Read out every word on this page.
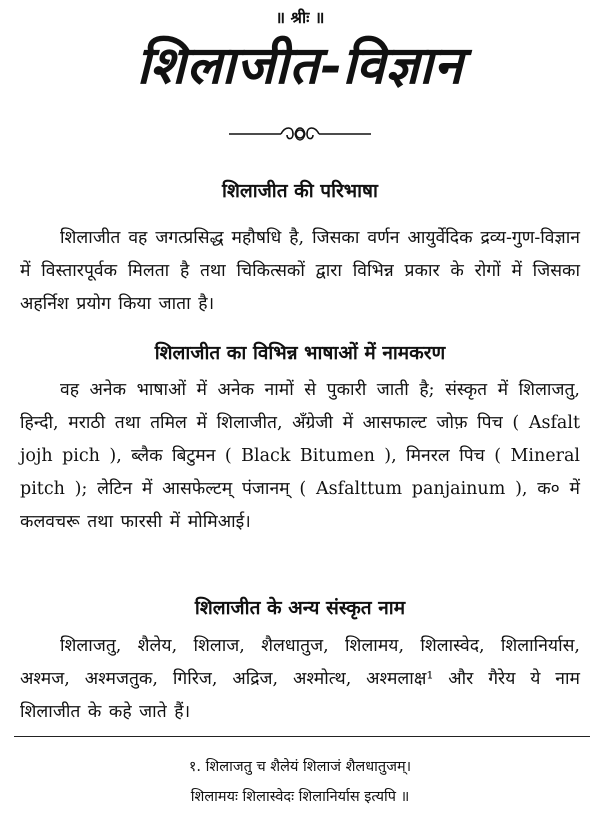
॥ श्रीः ॥
शिलाजीत-विज्ञान
शिलाजीत की परिभाषा
शिलाजीत वह जगत्प्रसिद्ध महौषधि है, जिसका वर्णन आयुर्वेदिक द्रव्य-गुण-विज्ञान में विस्तारपूर्वक मिलता है तथा चिकित्सकों द्वारा विभिन्न प्रकार के रोगों में जिसका अहर्निश प्रयोग किया जाता है।
शिलाजीत का विभिन्न भाषाओं में नामकरण
वह अनेक भाषाओं में अनेक नामों से पुकारी जाती है; संस्कृत में शिलाजतु, हिन्दी, मराठी तथा तमिल में शिलाजीत, अँग्रेजी में आसफाल्ट जोफ़ पिच ( Asfalt jojh pich ), ब्लैक बिटुमन ( Black Bitumen ), मिनरल पिच ( Mineral pitch ); लेटिन में आसफेल्टम् पंजानम् ( Asfalttum panjainum ), क० में कलवचरू तथा फारसी में मोमिआई।
शिलाजीत के अन्य संस्कृत नाम
शिलाजतु, शैलेय, शिलाज, शैलधातुज, शिलामय, शिलास्वेद, शिलानिर्यास, अश्मज, अश्मजतुक, गिरिज, अद्रिज, अश्मोत्थ, अश्मलाक्ष¹ और गैरेय ये नाम शिलाजीत के कहे जाते हैं।
१. शिलाजतु च शैलेयं शिलाजं शैलधातुजम्।
शिलामयः शिलास्वेदः शिलानिर्यास इत्यपि ॥
